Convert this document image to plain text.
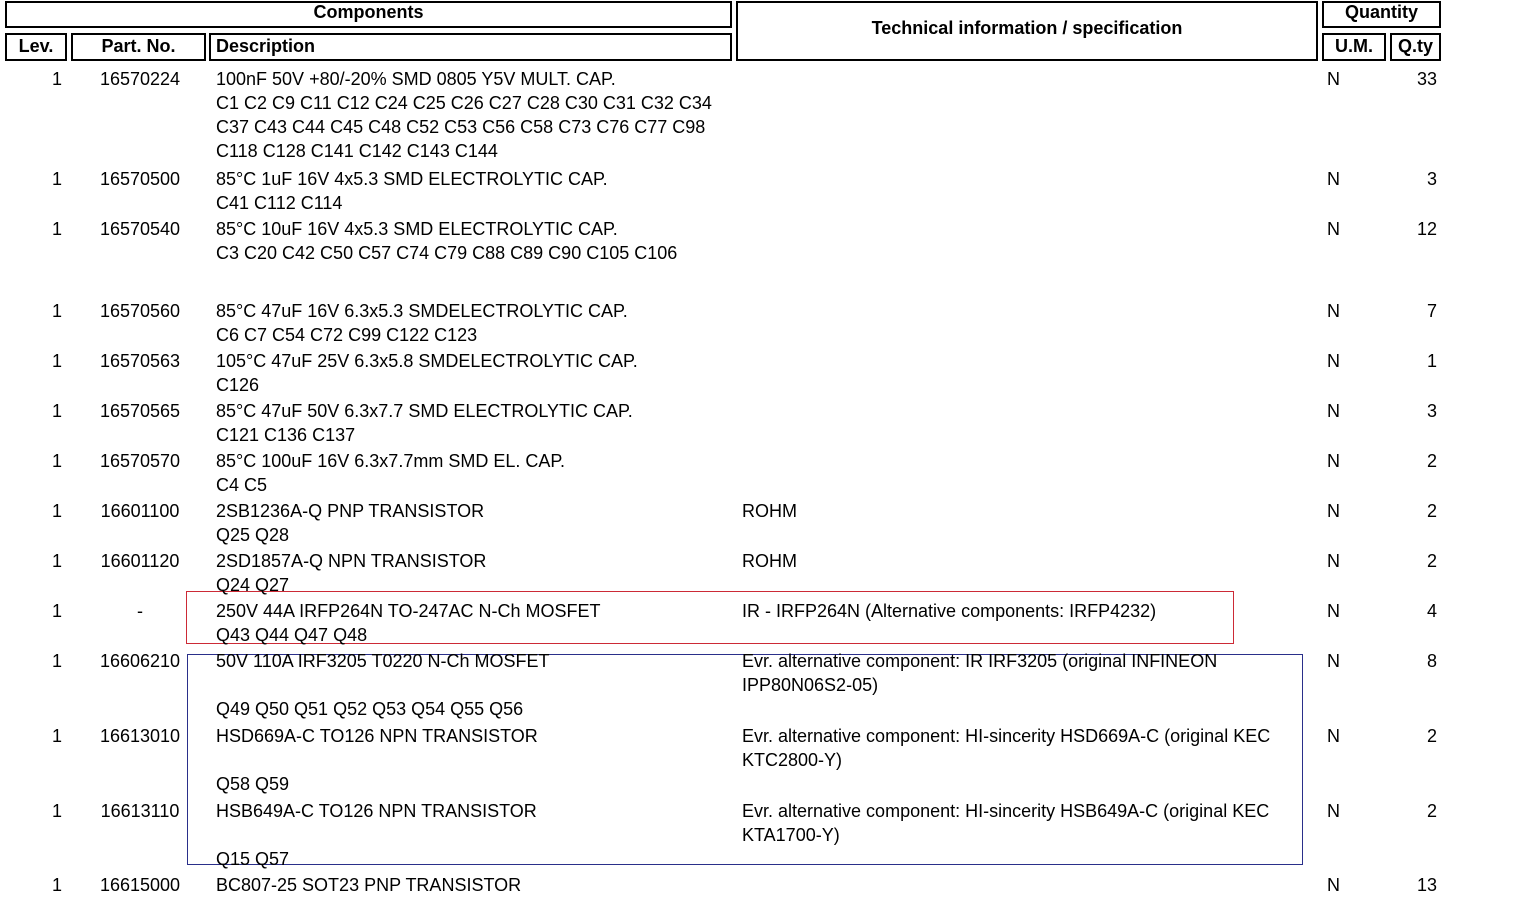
Components
Lev.	Part. No.	Description
Technical information / specification
Quantity
U.M.	Q.ty
1	16570224	100nF 50V +80/-20% SMD 0805 Y5V MULT. CAP.
C1 C2 C9 C11 C12 C24 C25 C26 C27 C28 C30 C31 C32 C34
C37 C43 C44 C45 C48 C52 C53 C56 C58 C73 C76 C77 C98
C118 C128 C141 C142 C143 C144
N	33
1	16570500	85°C 1uF 16V 4x5.3 SMD ELECTROLYTIC CAP.
C41 C112 C114
N	3
1	16570540	85°C 10uF 16V 4x5.3 SMD ELECTROLYTIC CAP.
C3 C20 C42 C50 C57 C74 C79 C88 C89 C90 C105 C106
N	12
1	16570560	85°C 47uF 16V 6.3x5.3 SMDELECTROLYTIC CAP.
C6 C7 C54 C72 C99 C122 C123
N	7
1	16570563	105°C 47uF 25V 6.3x5.8 SMDELECTROLYTIC CAP.
C126
N	1
1	16570565	85°C 47uF 50V 6.3x7.7 SMD ELECTROLYTIC CAP.
C121 C136 C137
N	3
1	16570570	85°C 100uF 16V 6.3x7.7mm SMD EL. CAP.
C4 C5
N	2
1	16601100	2SB1236A-Q PNP TRANSISTOR
Q25 Q28
ROHM	N	2
1	16601120	2SD1857A-Q NPN TRANSISTOR
Q24 Q27
ROHM	N	2
1	-	250V 44A IRFP264N TO-247AC N-Ch MOSFET
Q43 Q44 Q47 Q48
IR - IRFP264N (Alternative components: IRFP4232)	N	4
1	16606210	50V 110A IRF3205 T0220 N-Ch MOSFET

Q49 Q50 Q51 Q52 Q53 Q54 Q55 Q56
Evr. alternative component: IR IRF3205 (original INFINEON
IPP80N06S2-05)
N	8
1	16613010	HSD669A-C TO126 NPN TRANSISTOR

Q58 Q59
Evr. alternative component: HI-sincerity HSD669A-C (original KEC
KTC2800-Y)
N	2
1	16613110	HSB649A-C TO126 NPN TRANSISTOR

Q15 Q57
Evr. alternative component: HI-sincerity HSB649A-C (original KEC
KTA1700-Y)
N	2
1	16615000	BC807-25 SOT23 PNP TRANSISTOR	N	13
